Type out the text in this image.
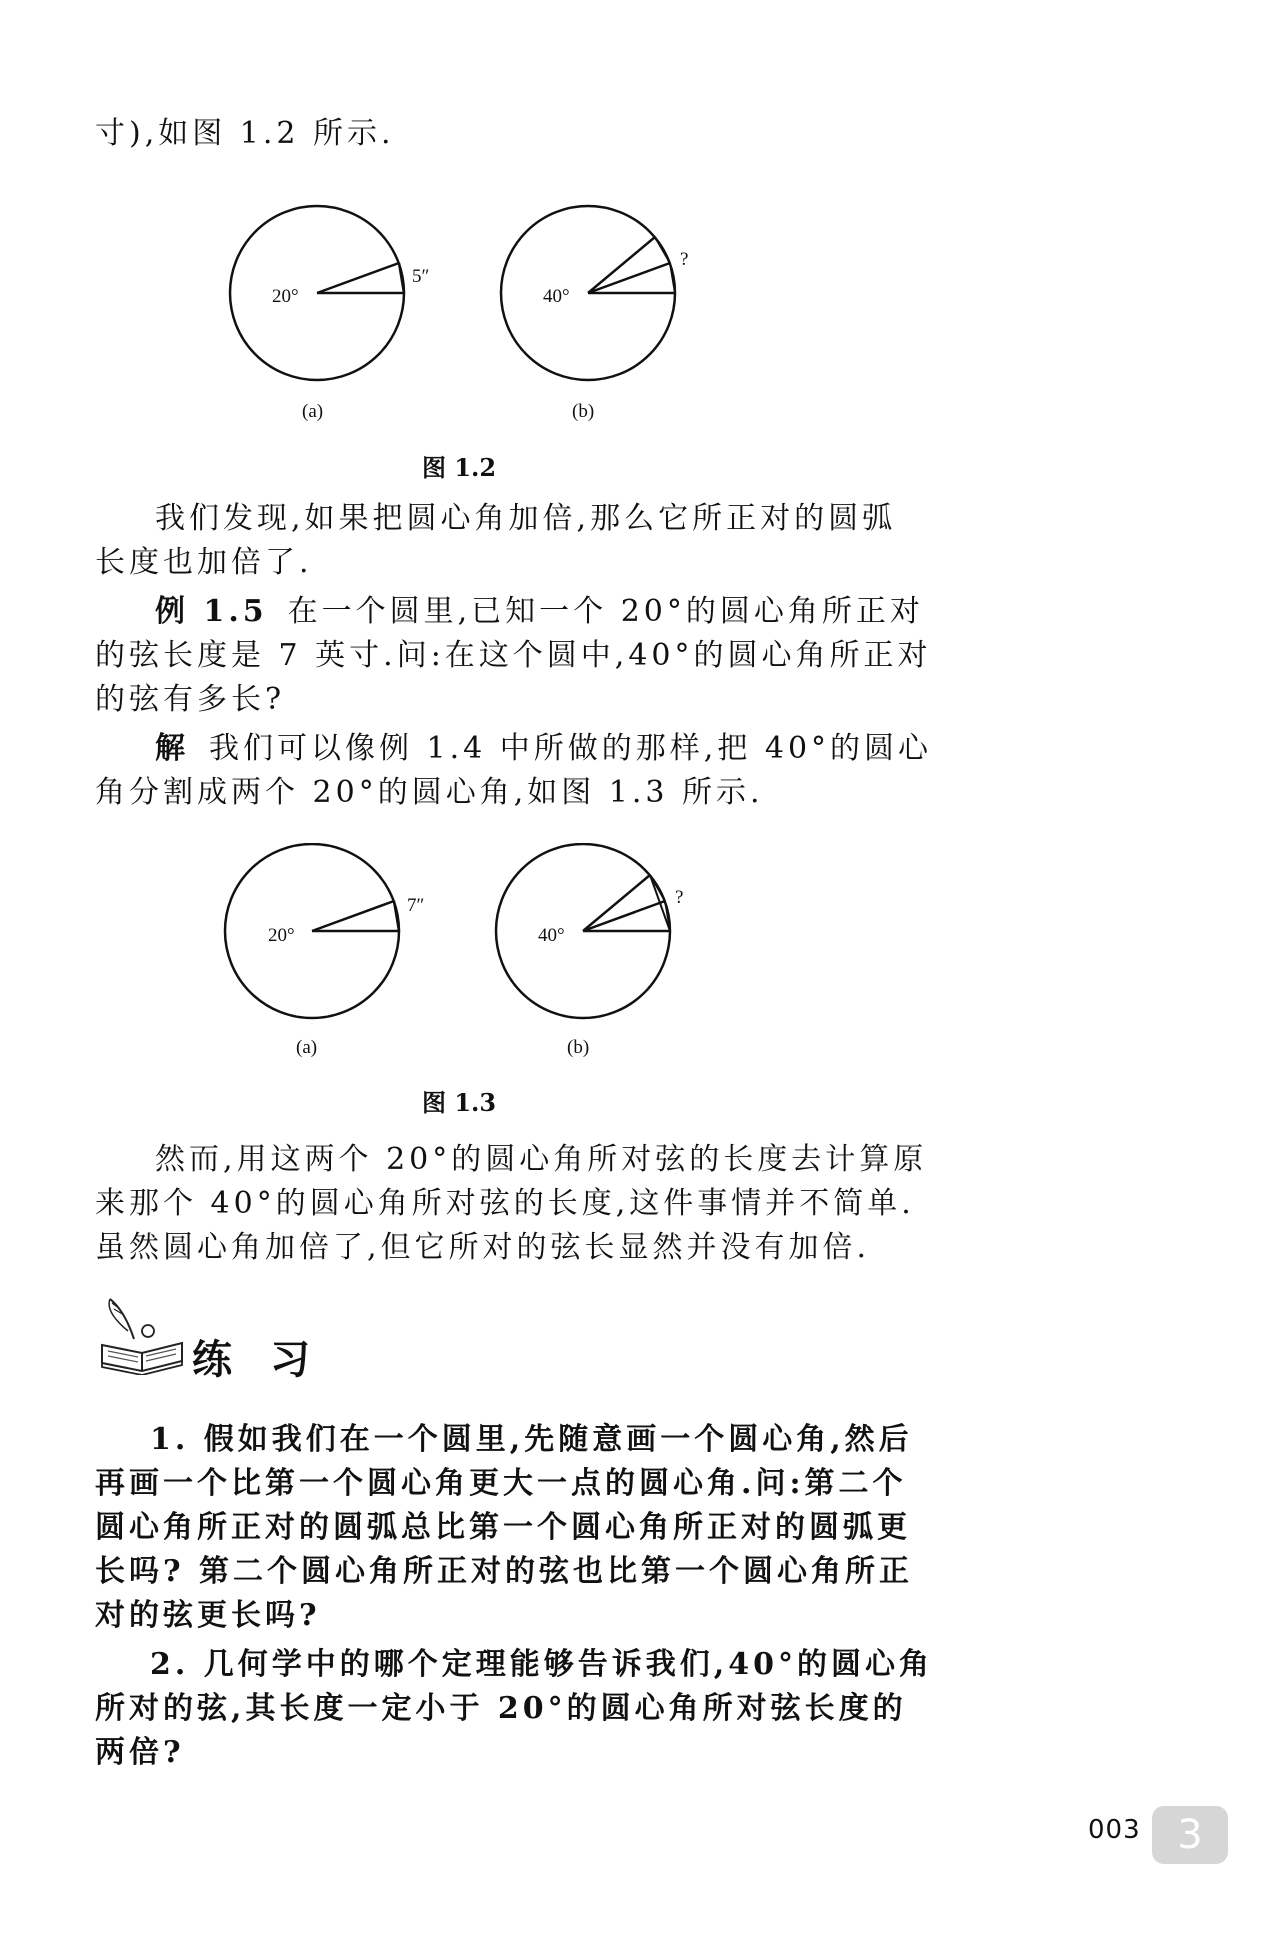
寸),如图 1.2 所示.
20°
5″
40°
?
(a)	(b)
图 1.2
我们发现,如果把圆心角加倍,那么它所正对的圆弧
长度也加倍了.
例 1.5 在一个圆里,已知一个 20°的圆心角所正对
的弦长度是 7 英寸.问:在这个圆中,40°的圆心角所正对
的弦有多长?
解 我们可以像例 1.4 中所做的那样,把 40°的圆心
角分割成两个 20°的圆心角,如图 1.3 所示.
20°
7″
40°
?
(a)	(b)
图 1.3
然而,用这两个 20°的圆心角所对弦的长度去计算原
来那个 40°的圆心角所对弦的长度,这件事情并不简单.
虽然圆心角加倍了,但它所对的弦长显然并没有加倍.
练习
1. 假如我们在一个圆里,先随意画一个圆心角,然后
再画一个比第一个圆心角更大一点的圆心角.问:第二个
圆心角所正对的圆弧总比第一个圆心角所正对的圆弧更
长吗? 第二个圆心角所正对的弦也比第一个圆心角所正
对的弦更长吗?
2. 几何学中的哪个定理能够告诉我们,40°的圆心角
所对的弦,其长度一定小于 20°的圆心角所对弦长度的
两倍?
003 3
